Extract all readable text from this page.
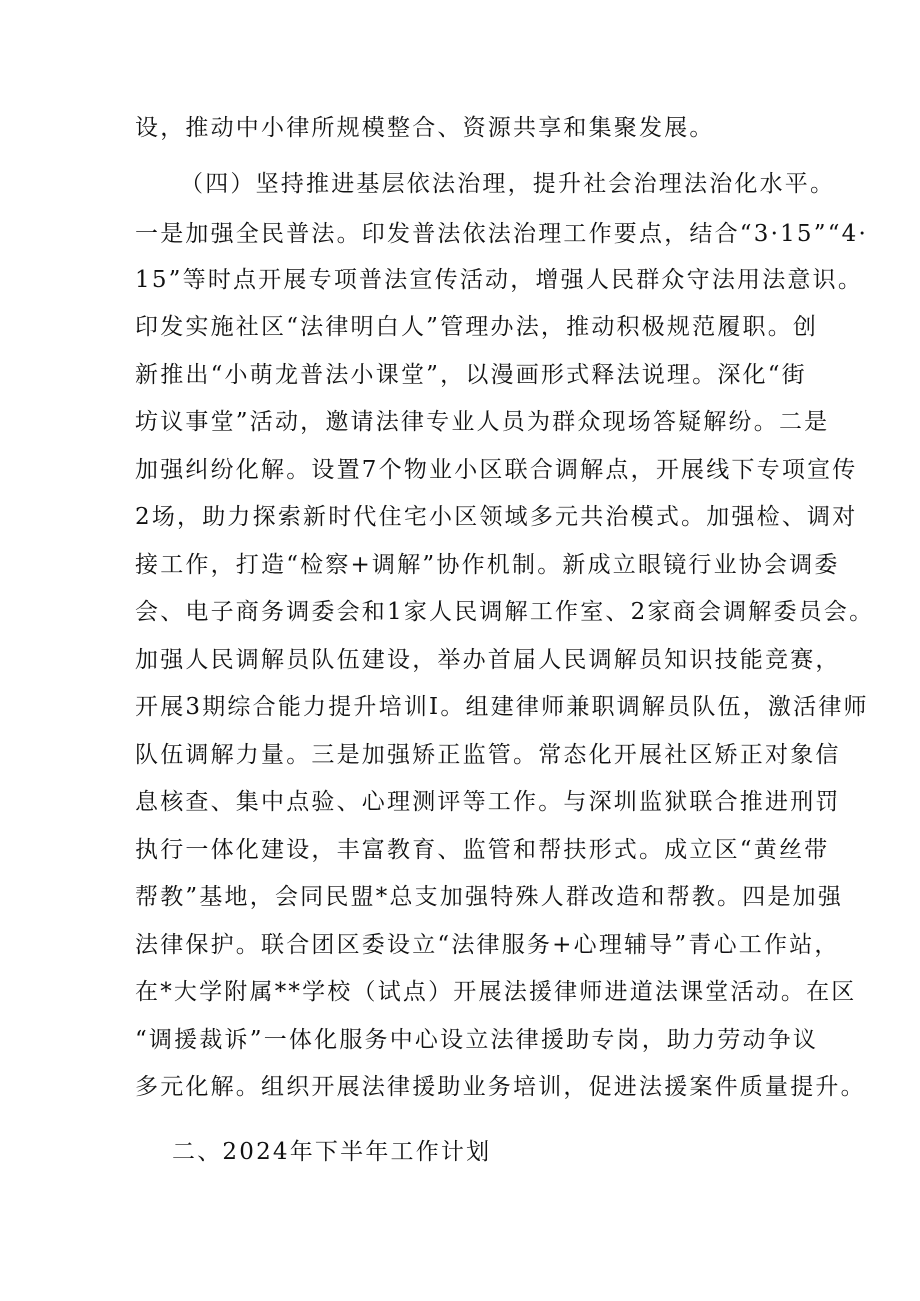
设，推动中小律所规模整合、资源共享和集聚发展。
（四）坚持推进基层依法治理，提升社会治理法治化水平。
一是加强全民普法。印发普法依法治理工作要点，结合“3·15”“4·
15”等时点开展专项普法宣传活动，增强人民群众守法用法意识。
印发实施社区“法律明白人”管理办法，推动积极规范履职。创
新推出“小萌龙普法小课堂”，以漫画形式释法说理。深化“街
坊议事堂”活动，邀请法律专业人员为群众现场答疑解纷。二是
加强纠纷化解。设置7个物业小区联合调解点，开展线下专项宣传
2场，助力探索新时代住宅小区领域多元共治模式。加强检、调对
接工作，打造“检察+调解”协作机制。新成立眼镜行业协会调委
会、电子商务调委会和1家人民调解工作室、2家商会调解委员会。
加强人民调解员队伍建设，举办首届人民调解员知识技能竞赛，
开展3期综合能力提升培训I。组建律师兼职调解员队伍，激活律师
队伍调解力量。三是加强矫正监管。常态化开展社区矫正对象信
息核查、集中点验、心理测评等工作。与深圳监狱联合推进刑罚
执行一体化建设，丰富教育、监管和帮扶形式。成立区“黄丝带
帮教”基地，会同民盟*总支加强特殊人群改造和帮教。四是加强
法律保护。联合团区委设立“法律服务+心理辅导”青心工作站，
在*大学附属**学校（试点）开展法援律师进道法课堂活动。在区
“调援裁诉”一体化服务中心设立法律援助专岗，助力劳动争议
多元化解。组织开展法律援助业务培训，促进法援案件质量提升。
二、2024年下半年工作计划
